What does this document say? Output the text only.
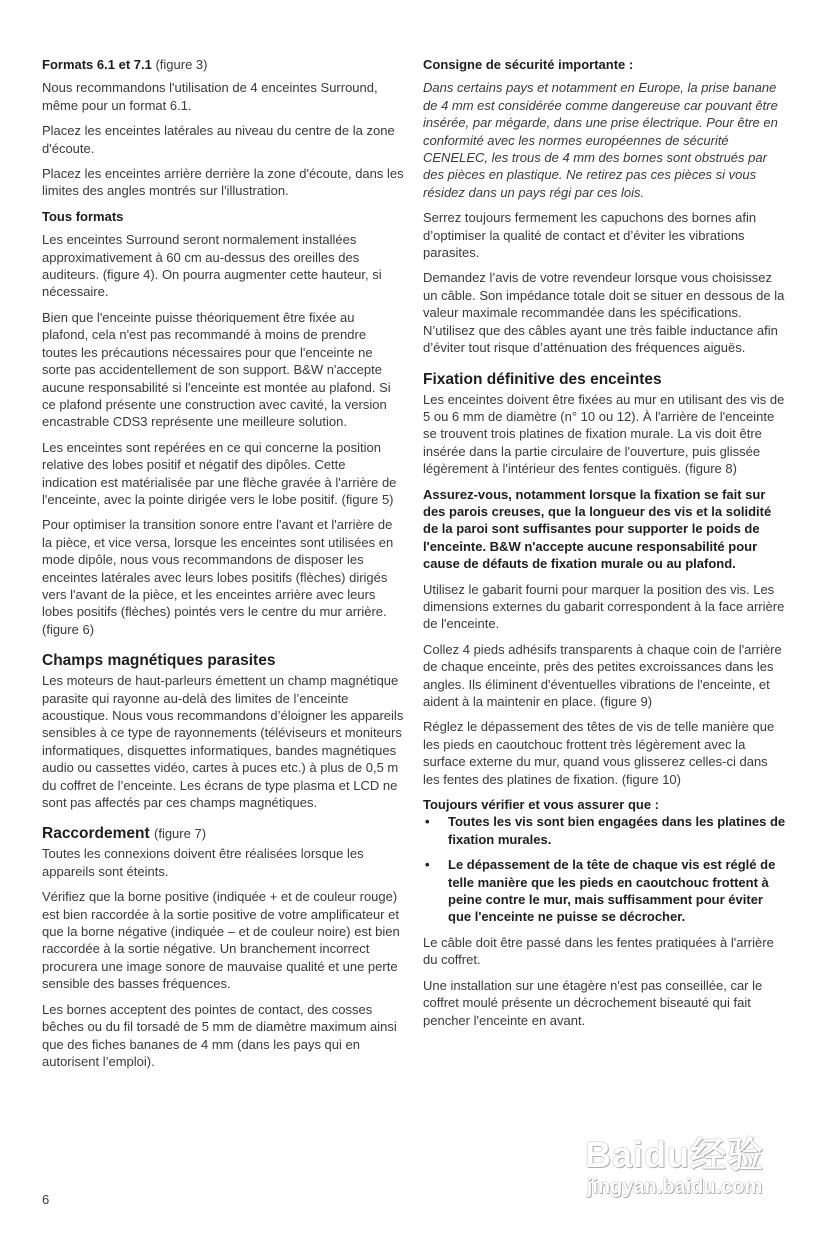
Formats 6.1 et 7.1 (figure 3)

Nous recommandons l'utilisation de 4 enceintes Surround, même pour un format 6.1.

Placez les enceintes latérales au niveau du centre de la zone d'écoute.

Placez les enceintes arrière derrière la zone d'écoute, dans les limites des angles montrés sur l'illustration.

Tous formats

Les enceintes Surround seront normalement installées approximativement à 60 cm au-dessus des oreilles des auditeurs. (figure 4). On pourra augmenter cette hauteur, si nécessaire.

Bien que l'enceinte puisse théoriquement être fixée au plafond, cela n'est pas recommandé à moins de prendre toutes les précautions nécessaires pour que l'enceinte ne sorte pas accidentellement de son support. B&W n'accepte aucune responsabilité si l'enceinte est montée au plafond. Si ce plafond présente une construction avec cavité, la version encastrable CDS3 représente une meilleure solution.

Les enceintes sont repérées en ce qui concerne la position relative des lobes positif et négatif des dipôles. Cette indication est matérialisée par une flèche gravée à l'arrière de l'enceinte, avec la pointe dirigée vers le lobe positif. (figure 5)

Pour optimiser la transition sonore entre l'avant et l'arrière de la pièce, et vice versa, lorsque les enceintes sont utilisées en mode dipôle, nous vous recommandons de disposer les enceintes latérales avec leurs lobes positifs (flèches) dirigés vers l'avant de la pièce, et les enceintes arrière avec leurs lobes positifs (flèches) pointés vers le centre du mur arrière. (figure 6)

Champs magnétiques parasites

Les moteurs de haut-parleurs émettent un champ magnétique parasite qui rayonne au-delà des limites de l’enceinte acoustique. Nous vous recommandons d’éloigner les appareils sensibles à ce type de rayonnements (téléviseurs et moniteurs informatiques, disquettes informatiques, bandes magnétiques audio ou cassettes vidéo, cartes à puces etc.) à plus de 0,5 m du coffret de l’enceinte. Les écrans de type plasma et LCD ne sont pas affectés par ces champs magnétiques.

Raccordement (figure 7)

Toutes les connexions doivent être réalisées lorsque les appareils sont éteints.

Vérifiez que la borne positive (indiquée + et de couleur rouge) est bien raccordée à la sortie positive de votre amplificateur et que la borne négative (indiquée – et de couleur noire) est bien raccordée à la sortie négative. Un branchement incorrect procurera une image sonore de mauvaise qualité et une perte sensible des basses fréquences.

Les bornes acceptent des pointes de contact, des cosses bêches ou du fil torsadé de 5 mm de diamètre maximum ainsi que des fiches bananes de 4 mm (dans les pays qui en autorisent l’emploi).

Consigne de sécurité importante :

Dans certains pays et notamment en Europe, la prise banane de 4 mm est considérée comme dangereuse car pouvant être insérée, par mégarde, dans une prise électrique. Pour être en conformité avec les normes européennes de sécurité CENELEC, les trous de 4 mm des bornes sont obstrués par des pièces en plastique. Ne retirez pas ces pièces si vous résidez dans un pays régi par ces lois.

Serrez toujours fermement les capuchons des bornes afin d’optimiser la qualité de contact et d’éviter les vibrations parasites.

Demandez l’avis de votre revendeur lorsque vous choisissez un câble. Son impédance totale doit se situer en dessous de la valeur maximale recommandée dans les spécifications. N’utilisez que des câbles ayant une très faible inductance afin d’éviter tout risque d’atténuation des fréquences aiguës.

Fixation définitive des enceintes

Les enceintes doivent être fixées au mur en utilisant des vis de 5 ou 6 mm de diamètre (n° 10 ou 12). À l'arrière de l'enceinte se trouvent trois platines de fixation murale. La vis doit être insérée dans la partie circulaire de l'ouverture, puis glissée légèrement à l'intérieur des fentes contiguës. (figure 8)

Assurez-vous, notamment lorsque la fixation se fait sur des parois creuses, que la longueur des vis et la solidité de la paroi sont suffisantes pour supporter le poids de l'enceinte. B&W n'accepte aucune responsabilité pour cause de défauts de fixation murale ou au plafond.

Utilisez le gabarit fourni pour marquer la position des vis. Les dimensions externes du gabarit correspondent à la face arrière de l'enceinte.

Collez 4 pieds adhésifs transparents à chaque coin de l'arrière de chaque enceinte, près des petites excroissances dans les angles. Ils éliminent d'éventuelles vibrations de l'enceinte, et aident à la maintenir en place. (figure 9)

Réglez le dépassement des têtes de vis de telle manière que les pieds en caoutchouc frottent très légèrement avec la surface externe du mur, quand vous glisserez celles-ci dans les fentes des platines de fixation. (figure 10)

Toujours vérifier et vous assurer que :

• Toutes les vis sont bien engagées dans les platines de fixation murales.
• Le dépassement de la tête de chaque vis est réglé de telle manière que les pieds en caoutchouc frottent à peine contre le mur, mais suffisamment pour éviter que l'enceinte ne puisse se décrocher.

Le câble doit être passé dans les fentes pratiquées à l'arrière du coffret.

Une installation sur une étagère n'est pas conseillée, car le coffret moulé présente un décrochement biseauté qui fait pencher l'enceinte en avant.

6
Baidu经验
jingyan.baidu.com
